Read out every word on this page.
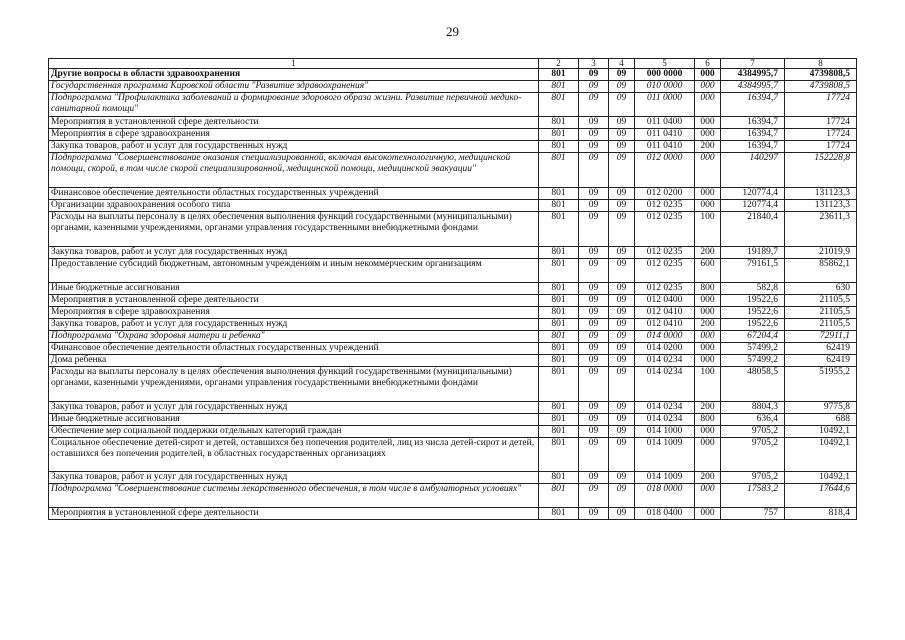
29
1	2	3	4	5	6	7	8
Другие вопросы в области здравоохранения	801	09	09	000 0000	000	4384995,7	4739808,5
Государственная программа Кировской области "Развитие здравоохранения"	801	09	09	010 0000	000	4384995,7	4739808,5
Подпрограмма "Профилактика заболеваний и формирование здорового образа жизни. Развитие первичной медико-санитарной помощи"	801	09	09	011 0000	000	16394,7	17724
Мероприятия в установленной сфере деятельности	801	09	09	011 0400	000	16394,7	17724
Мероприятия в сфере здравоохранения	801	09	09	011 0410	000	16394,7	17724
Закупка товаров, работ и услуг для государственных нужд	801	09	09	011 0410	200	16394,7	17724
Подпрограмма "Совершенствование оказания специализированной, включая высокотехнологичную, медицинской помощи, скорой, в том числе скорой специализированной, медицинской помощи, медицинской эвакуации"	801	09	09	012 0000	000	140297	152228,8
Финансовое обеспечение деятельности областных государственных учреждений	801	09	09	012 0200	000	120774,4	131123,3
Организации здравоохранения особого типа	801	09	09	012 0235	000	120774,4	131123,3
Расходы на выплаты персоналу в целях обеспечения выполнения функций государственными (муниципальными) органами, казенными учреждениями, органами управления государственными внебюджетными фондами	801	09	09	012 0235	100	21840,4	23611,3
Закупка товаров, работ и услуг для государственных нужд	801	09	09	012 0235	200	19189,7	21019,9
Предоставление субсидий бюджетным, автономным учреждениям и иным некоммерческим организациям	801	09	09	012 0235	600	79161,5	85862,1
Иные бюджетные ассигнования	801	09	09	012 0235	800	582,8	630
Мероприятия в установленной сфере деятельности	801	09	09	012 0400	000	19522,6	21105,5
Мероприятия в сфере здравоохранения	801	09	09	012 0410	000	19522,6	21105,5
Закупка товаров, работ и услуг для государственных нужд	801	09	09	012 0410	200	19522,6	21105,5
Подпрограмма "Охрана здоровья матери и ребенка"	801	09	09	014 0000	000	67204,4	72911,1
Финансовое обеспечение деятельности областных государственных учреждений	801	09	09	014 0200	000	57499,2	62419
Дома ребенка	801	09	09	014 0234	000	57499,2	62419
Расходы на выплаты персоналу в целях обеспечения выполнения функций государственными (муниципальными) органами, казенными учреждениями, органами управления государственными внебюджетными фондами	801	09	09	014 0234	100	48058,5	51955,2
Закупка товаров, работ и услуг для государственных нужд	801	09	09	014 0234	200	8804,3	9775,8
Иные бюджетные ассигнования	801	09	09	014 0234	800	636,4	688
Обеспечение мер социальной поддержки отдельных категорий граждан	801	09	09	014 1000	000	9705,2	10492,1
Социальное обеспечение детей-сирот и детей, оставшихся без попечения родителей, лиц из числа детей-сирот и детей, оставшихся без попечения родителей, в областных государственных организациях	801	09	09	014 1009	000	9705,2	10492,1
Закупка товаров, работ и услуг для государственных нужд	801	09	09	014 1009	200	9705,2	10492,1
Подпрограмма "Совершенствование системы лекарственного обеспечения, в том числе в амбулаторных условиях"	801	09	09	018 0000	000	17583,2	17644,6
Мероприятия в установленной сфере деятельности	801	09	09	018 0400	000	757	818,4
